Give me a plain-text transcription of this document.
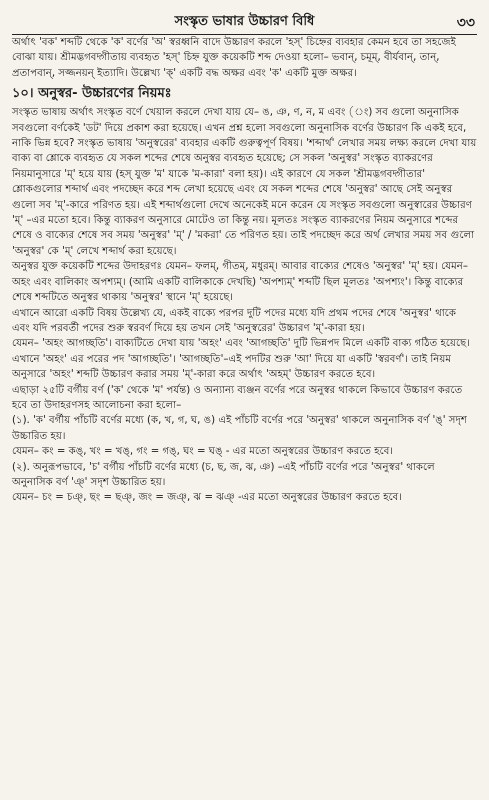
সংস্কৃত ভাষার উচ্চারণ বিধি	৩৩

অর্থাৎ 'বক' শব্দটি থেকে 'ক' বর্ণের 'অ' স্বরধ্বনি বাদে উচ্চারণ করলে 'হস্' চিহ্নের ব্যবহার কেমন হবে তা সহজেই বোঝা যায়। শ্রীমদ্ভগবদ্গীতায় ব্যবহৃত 'হস্' চিহ্ন যুক্ত কয়েকটি শব্দ দেওয়া হলো– ভবান্, চমূম্, বীর্যবান্, তান্, প্রতাপবান্, সজ্জনয়ন্ ইত্যাদি। উল্লেখ্য 'ক্' একটি বদ্ধ অক্ষর এবং 'ক' একটি মুক্ত অক্ষর।

১০। অনুস্বর- উচ্চারণের নিয়মঃ

সংস্কৃত ভাষায় অর্থাৎ সংস্কৃত বর্ণে খেয়াল করলে দেখা যায় যে– ঙ, ঞ, ণ, ন, ম এবং (ং) সব গুলো অনুনাসিক সবগুলো বর্ণকেই 'ডট' দিয়ে প্রকাশ করা হয়েছে। এখন প্রশ্ন হলো সবগুলো অনুনাসিক বর্ণের উচ্চারণ কি একই হবে, নাকি ভিন্ন হবে? সংস্কৃত ভাষায় 'অনুস্বরের' ব্যবহার একটি গুরুত্বপূর্ণ বিষয়। 'শব্দার্থ' লেখার সময় লক্ষ্য করলে দেখা যায় বাক্য বা শ্লোকে ব্যবহৃত যে সকল শব্দের শেষে অনুস্বর ব্যবহৃত হয়েছে; সে সকল 'অনুস্বর' সংস্কৃত ব্যাকরণের নিয়মানুসারে 'ম্' হয়ে যায় (হস্ যুক্ত 'ম' যাকে 'ম-কারা' বলা হয়)। এই কারণে যে সকল 'শ্রীমদ্ভগবদ্গীতার' শ্লোকগুলোর শব্দার্থ এবং পদচ্ছেদ করে শব্দ লেখা হয়েছে এবং যে সকল শব্দের শেষে 'অনুস্বর' আছে সেই অনুস্বর গুলো সব 'ম্'-কারে পরিণত হয়। এই শব্দার্থগুলো দেখে অনেকেই মনে করেন যে সংস্কৃত সবগুলো অনুস্বারের উচ্চারণ 'ম্' –এর মতো হবে। কিন্তু ব্যাকরণ অনুসারে মোটেও তা কিন্তু নয়। মূলতঃ সংস্কৃত ব্যাকরণের নিয়ম অনুসারে শব্দের শেষে ও বাক্যের শেষে সব সময় 'অনুস্বর' 'ম্' / 'মকরা' তে পরিণত হয়। তাই পদচ্ছেদ করে অর্থ লেখার সময় সব গুলো 'অনুস্বর' কে 'ম্' লেখে শব্দার্থ করা হয়েছে।

অনুস্বর যুক্ত কয়েকটি শব্দের উদাহরণঃ যেমন– ফলম্, গীতম্, মধুরম্। আবার বাক্যের শেষেও 'অনুস্বর' 'ম্' হয়। যেমন– অহং এবং বালিকাং অপশ্যম্। (আমি একটি বালিকাকে দেখছি) 'অপশ্যম্' শব্দটি ছিল মূলতঃ 'অপশ্যং'। কিন্তু বাক্যের শেষে শব্দটিতে অনুস্বর থাকায় 'অনুস্বর' স্থানে 'ম্' হয়েছে।

এখানে আরো একটি বিষয় উল্লেখ্য যে, একই বাক্যে পরপর দুটি পদের মধ্যে যদি প্রথম পদের শেষে 'অনুস্বর' থাকে এবং যদি পরবর্তী পদের শুরু স্বরবর্ণ দিয়ে হয় তখন সেই 'অনুস্বরের' উচ্চারণ 'ম্'-কারা হয়।

যেমন– 'অহং আগচ্ছতি'। বাক্যটিতে দেখা যায় 'অহং' এবং 'আগচ্ছতি' দুটি ভিন্নপদ মিলে একটি বাক্য গঠিত হয়েছে। এখানে 'অহং' এর পরের পদ 'আগচ্ছতি'। 'আগচ্ছতি'–এই পদটির শুরু 'আ' দিয়ে যা একটি 'স্বরবর্ণ'। তাই নিয়ম অনুসারে 'অহং' শব্দটি উচ্চারণ করার সময় 'ম্'-কারা করে অর্থাৎ 'অহম্' উচ্চারণ করতে হবে।

এছাড়া ২৫টি বর্গীয় বর্ণ ('ক' থেকে 'ম' পর্যন্ত) ও অন্যান্য ব্যঞ্জন বর্ণের পরে অনুস্বর থাকলে কিভাবে উচ্চারণ করতে হবে তা উদাহরণসহ আলোচনা করা হলো–

(১). 'ক' বর্গীয় পাঁচটি বর্ণের মধ্যে (ক, খ, গ, ঘ, ঙ) এই পাঁচটি বর্ণের পরে 'অনুস্বর' থাকলে অনুনাসিক বর্ণ 'ঙ্' সদৃশ উচ্চারিত হয়।

যেমন– কং = কঙ্, খং = খঙ্, গং = গঙ্, ঘং = ঘঙ্ - এর মতো অনুস্বরের উচ্চারণ করতে হবে।

(২). অনুরূপভাবে, 'চ' বর্গীয় পাঁচটি বর্ণের মধ্যে (চ, ছ, জ, ঝ, ঞ) –এই পাঁচটি বর্ণের পরে 'অনুস্বর' থাকলে অনুনাসিক বর্ণ 'ঞ্' সদৃশ উচ্চারিত হয়।

যেমন– চং = চঞ্, ছং = ছঞ্, জং = জঞ্, ঝ = ঝঞ্ -এর মতো অনুস্বরের উচ্চারণ করতে হবে।
